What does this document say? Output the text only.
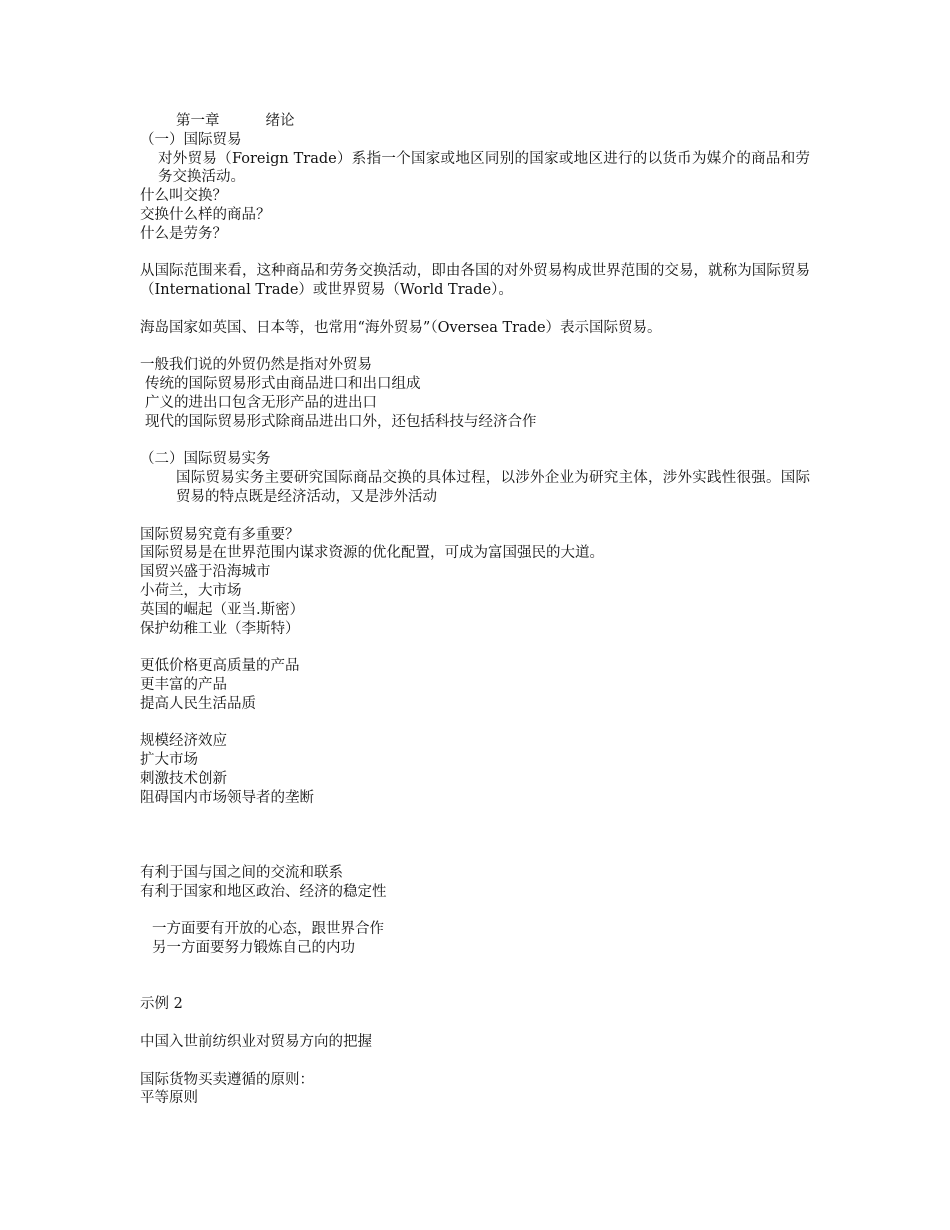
第一章	绪论
（一）国际贸易
对外贸易（Foreign Trade）系指一个国家或地区同别的国家或地区进行的以货币为媒介的商品和劳务交换活动。
什么叫交换？
交换什么样的商品？
什么是劳务？
从国际范围来看，这种商品和劳务交换活动，即由各国的对外贸易构成世界范围的交易，就称为国际贸易（International Trade）或世界贸易（World Trade）。
海岛国家如英国、日本等，也常用“海外贸易”（Oversea Trade）表示国际贸易。
一般我们说的外贸仍然是指对外贸易
传统的国际贸易形式由商品进口和出口组成
广义的进出口包含无形产品的进出口
现代的国际贸易形式除商品进出口外，还包括科技与经济合作
（二）国际贸易实务
国际贸易实务主要研究国际商品交换的具体过程，以涉外企业为研究主体，涉外实践性很强。国际贸易的特点既是经济活动，又是涉外活动
国际贸易究竟有多重要？
国际贸易是在世界范围内谋求资源的优化配置，可成为富国强民的大道。
国贸兴盛于沿海城市
小荷兰，大市场
英国的崛起（亚当.斯密）
保护幼稚工业（李斯特）
更低价格更高质量的产品
更丰富的产品
提高人民生活品质
规模经济效应
扩大市场
刺激技术创新
阻碍国内市场领导者的垄断
有利于国与国之间的交流和联系
有利于国家和地区政治、经济的稳定性
一方面要有开放的心态，跟世界合作
另一方面要努力锻炼自己的内功
示例 2
中国入世前纺织业对贸易方向的把握
国际货物买卖遵循的原则：
平等原则
